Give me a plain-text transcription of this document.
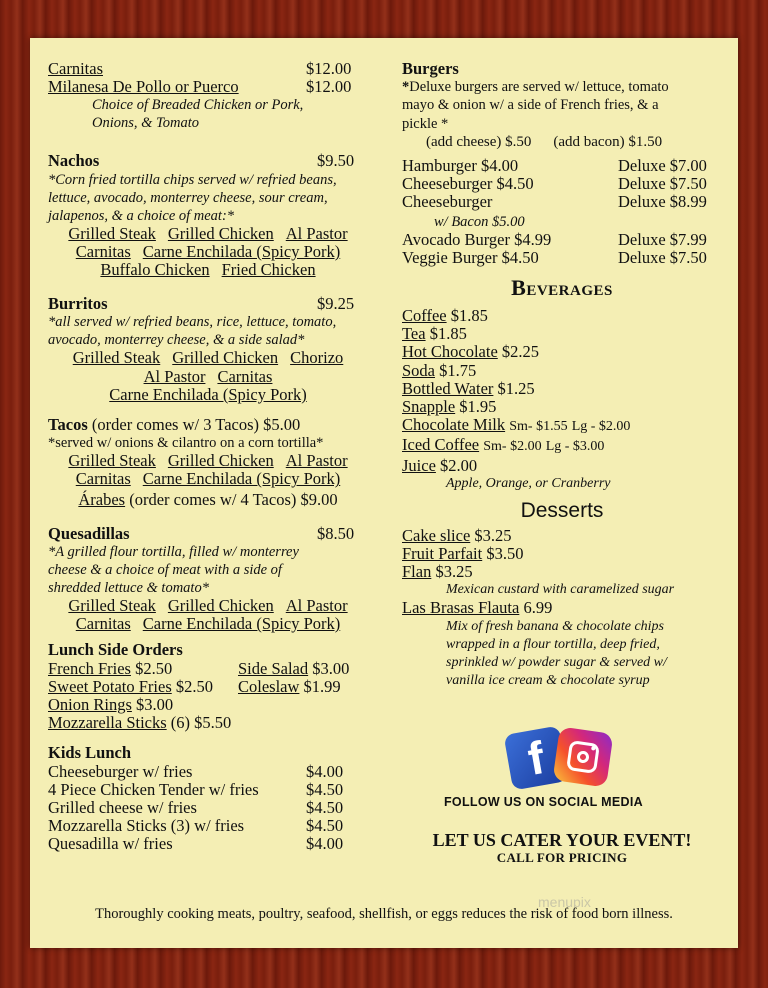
Carnitas	$12.00
Milanesa De Pollo or Puerco	$12.00
Choice of Breaded Chicken or Pork,
Onions, & Tomato
Nachos	$9.50
*Corn fried tortilla chips served w/ refried beans,
lettuce, avocado, monterrey cheese, sour cream,
jalapenos, & a choice of meat:*
Grilled Steak Grilled Chicken Al Pastor
Carnitas Carne Enchilada (Spicy Pork)
Buffalo Chicken Fried Chicken
Burritos	$9.25
*all served w/ refried beans, rice, lettuce, tomato,
avocado, monterrey cheese, & a side salad*
Grilled Steak Grilled Chicken Chorizo
Al Pastor Carnitas
Carne Enchilada (Spicy Pork)
Tacos (order comes w/ 3 Tacos) $5.00
*served w/ onions & cilantro on a corn tortilla*
Grilled Steak Grilled Chicken Al Pastor
Carnitas Carne Enchilada (Spicy Pork)
Árabes (order comes w/ 4 Tacos) $9.00
Quesadillas	$8.50
*A grilled flour tortilla, filled w/ monterrey
cheese & a choice of meat with a side of
shredded lettuce & tomato*
Grilled Steak Grilled Chicken Al Pastor
Carnitas Carne Enchilada (Spicy Pork)
Lunch Side Orders
French Fries $2.50	Side Salad $3.00
Sweet Potato Fries $2.50 Coleslaw $1.99
Onion Rings $3.00
Mozzarella Sticks (6) $5.50
Kids Lunch
Cheeseburger w/ fries	$4.00
4 Piece Chicken Tender w/ fries	$4.50
Grilled cheese w/ fries	$4.50
Mozzarella Sticks (3) w/ fries	$4.50
Quesadilla w/ fries	$4.00
Burgers
*Deluxe burgers are served w/ lettuce, tomato
mayo & onion w/ a side of French fries, & a
pickle *
(add cheese) $.50 (add bacon) $1.50
Hamburger $4.00	Deluxe $7.00
Cheeseburger $4.50	Deluxe $7.50
Cheeseburger	Deluxe $8.99
w/ Bacon $5.00
Avocado Burger $4.99	Deluxe $7.99
Veggie Burger $4.50	Deluxe $7.50
Beverages
Coffee $1.85
Tea $1.85
Hot Chocolate $2.25
Soda $1.75
Bottled Water $1.25
Snapple $1.95
Chocolate Milk Sm- $1.55 Lg - $2.00
Iced Coffee Sm- $2.00 Lg - $3.00
Juice $2.00
Apple, Orange, or Cranberry
Desserts
Cake slice $3.25
Fruit Parfait $3.50
Flan $3.25
Mexican custard with caramelized sugar
Las Brasas Flauta 6.99
Mix of fresh banana & chocolate chips
wrapped in a flour tortilla, deep fried,
sprinkled w/ powder sugar & served w/
vanilla ice cream & chocolate syrup
f
FOLLOW US ON SOCIAL MEDIA
LET US CATER YOUR EVENT!
CALL FOR PRICING
menupix
Thoroughly cooking meats, poultry, seafood, shellfish, or eggs reduces the risk of food born illness.
